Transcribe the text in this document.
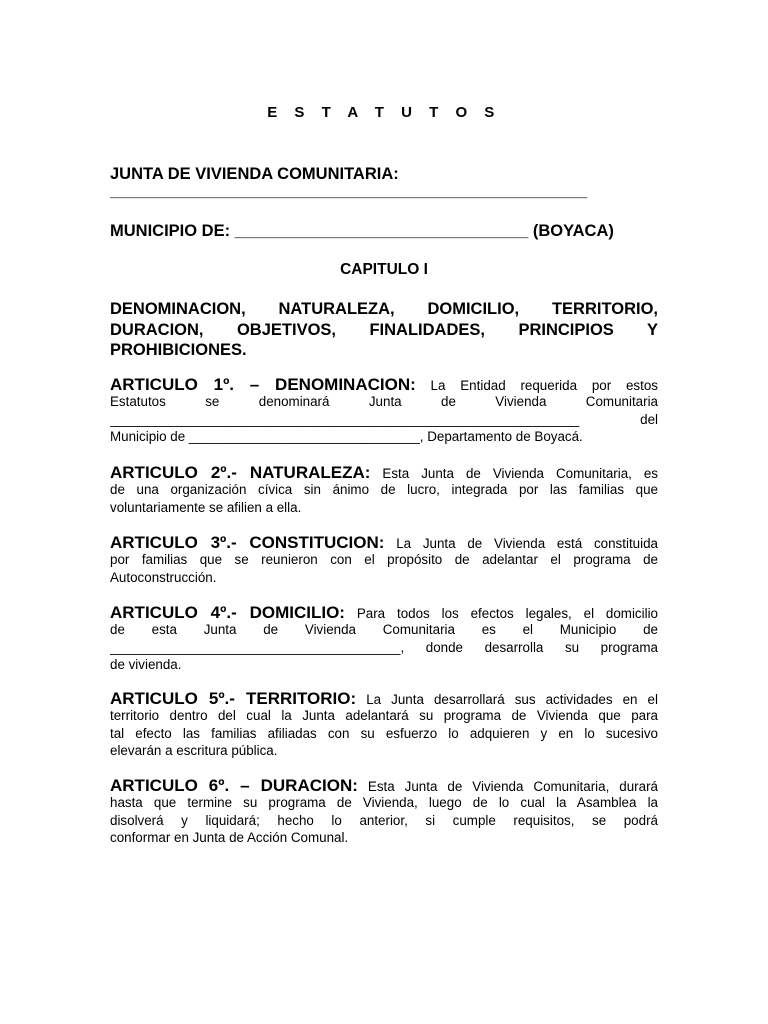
E S T A T U T O S
JUNTA DE VIVIENDA COMUNITARIA:
____________________________________________________
MUNICIPIO DE: ________________________________ (BOYACA)
CAPITULO I
DENOMINACION, NATURALEZA, DOMICILIO, TERRITORIO, DURACION, OBJETIVOS, FINALIDADES, PRINCIPIOS Y PROHIBICIONES.
ARTICULO 1º. – DENOMINACION: La Entidad requerida por estos
Estatutos se denominará Junta de Vivienda Comunitaria
_______________________________________________________________ del
Municipio de _______________________________, Departamento de Boyacá.
ARTICULO 2º.- NATURALEZA: Esta Junta de Vivienda Comunitaria, es
de una organización cívica sin ánimo de lucro, integrada por las familias que
voluntariamente se afilien a ella.
ARTICULO 3º.- CONSTITUCION: La Junta de Vivienda está constituida
por familias que se reunieron con el propósito de adelantar el programa de
Autoconstrucción.
ARTICULO 4º.- DOMICILIO: Para todos los efectos legales, el domicilio
de esta Junta de Vivienda Comunitaria es el Municipio de
_______________________________________, donde desarrolla su programa
de vivienda.
ARTICULO 5º.- TERRITORIO: La Junta desarrollará sus actividades en el
territorio dentro del cual la Junta adelantará su programa de Vivienda que para
tal efecto las familias afiliadas con su esfuerzo lo adquieren y en lo sucesivo
elevarán a escritura pública.
ARTICULO 6º. – DURACION: Esta Junta de Vivienda Comunitaria, durará
hasta que termine su programa de Vivienda, luego de lo cual la Asamblea la
disolverá y liquidará; hecho lo anterior, si cumple requisitos, se podrá
conformar en Junta de Acción Comunal.
